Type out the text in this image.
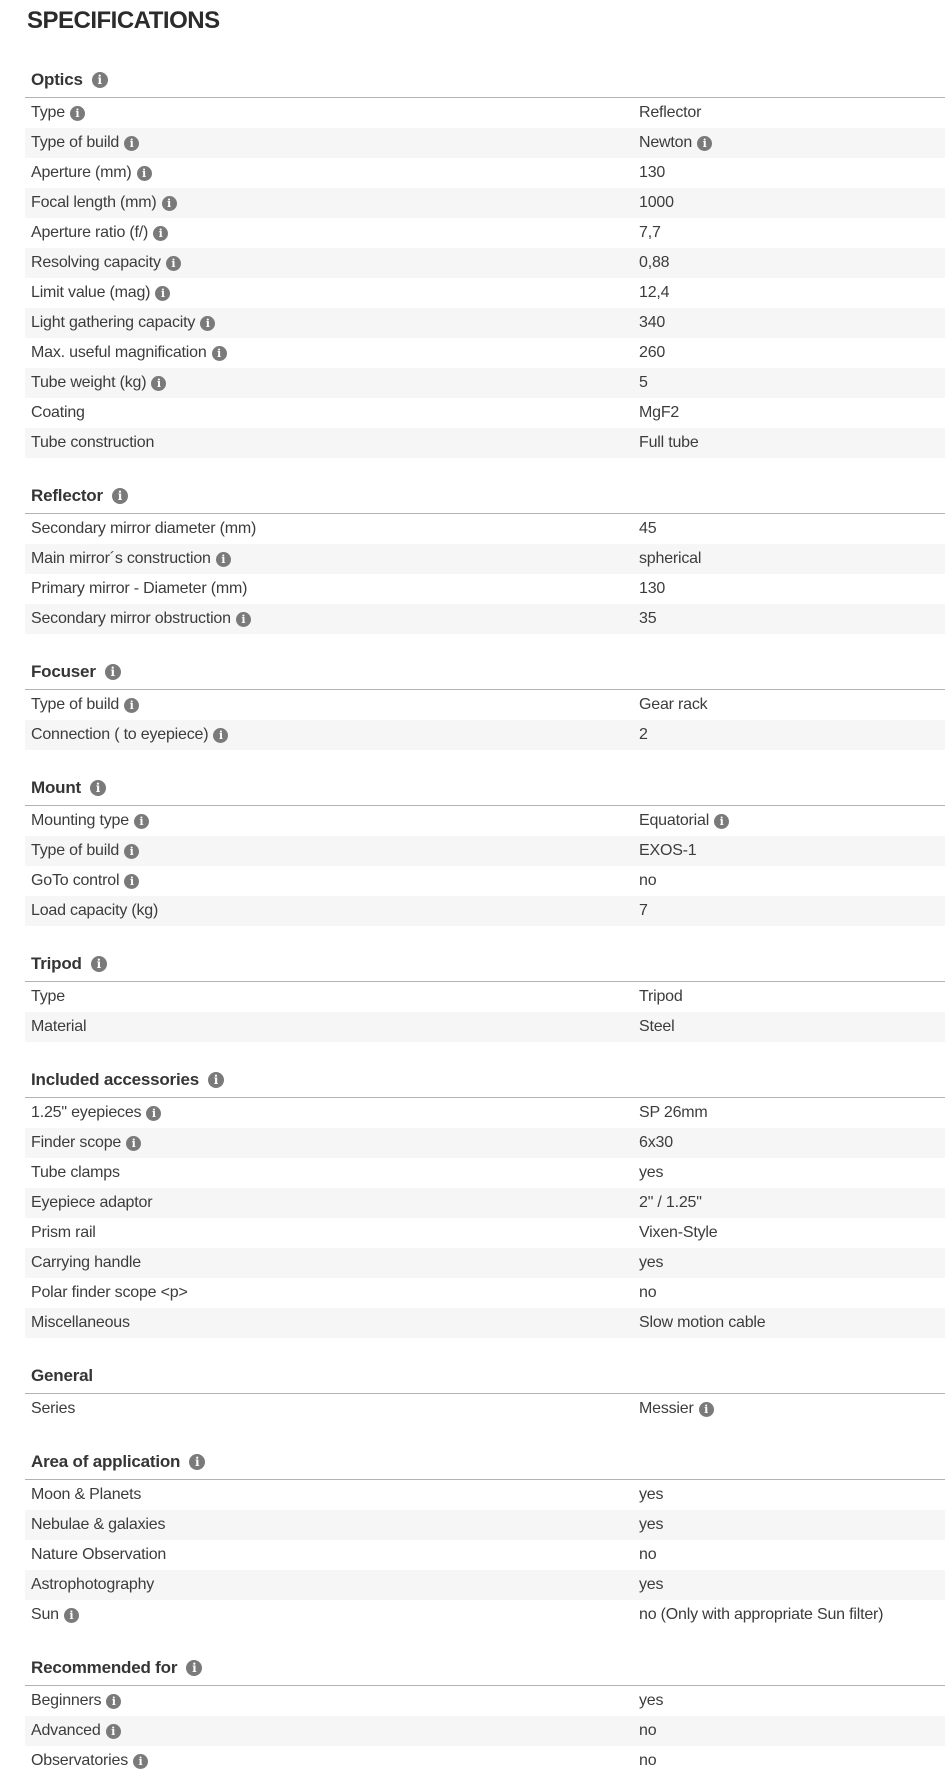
SPECIFICATIONS
Optics	i
Type i	Reflector
Type of build i	Newton i
Aperture (mm) i	130
Focal length (mm) i	1000
Aperture ratio (f/) i	7,7
Resolving capacity i	0,88
Limit value (mag) i	12,4
Light gathering capacity i	340
Max. useful magnification i	260
Tube weight (kg) i	5
Coating	MgF2
Tube construction	Full tube
Reflector	i
Secondary mirror diameter (mm)	45
Main mirror´s construction i	spherical
Primary mirror - Diameter (mm)	130
Secondary mirror obstruction i	35
Focuser	i
Type of build i	Gear rack
Connection ( to eyepiece) i	2
Mount	i
Mounting type i	Equatorial i
Type of build i	EXOS-1
GoTo control i	no
Load capacity (kg)	7
Tripod	i
Type	Tripod
Material	Steel
Included accessories	i
1.25" eyepieces i	SP 26mm
Finder scope i	6x30
Tube clamps	yes
Eyepiece adaptor	2" / 1.25"
Prism rail	Vixen-Style
Carrying handle	yes
Polar finder scope <p>	no
Miscellaneous	Slow motion cable
General
Series	Messier i
Area of application	i
Moon & Planets	yes
Nebulae & galaxies	yes
Nature Observation	no
Astrophotography	yes
Sun i	no (Only with appropriate Sun filter)
Recommended for	i
Beginners i	yes
Advanced i	no
Observatories i	no
